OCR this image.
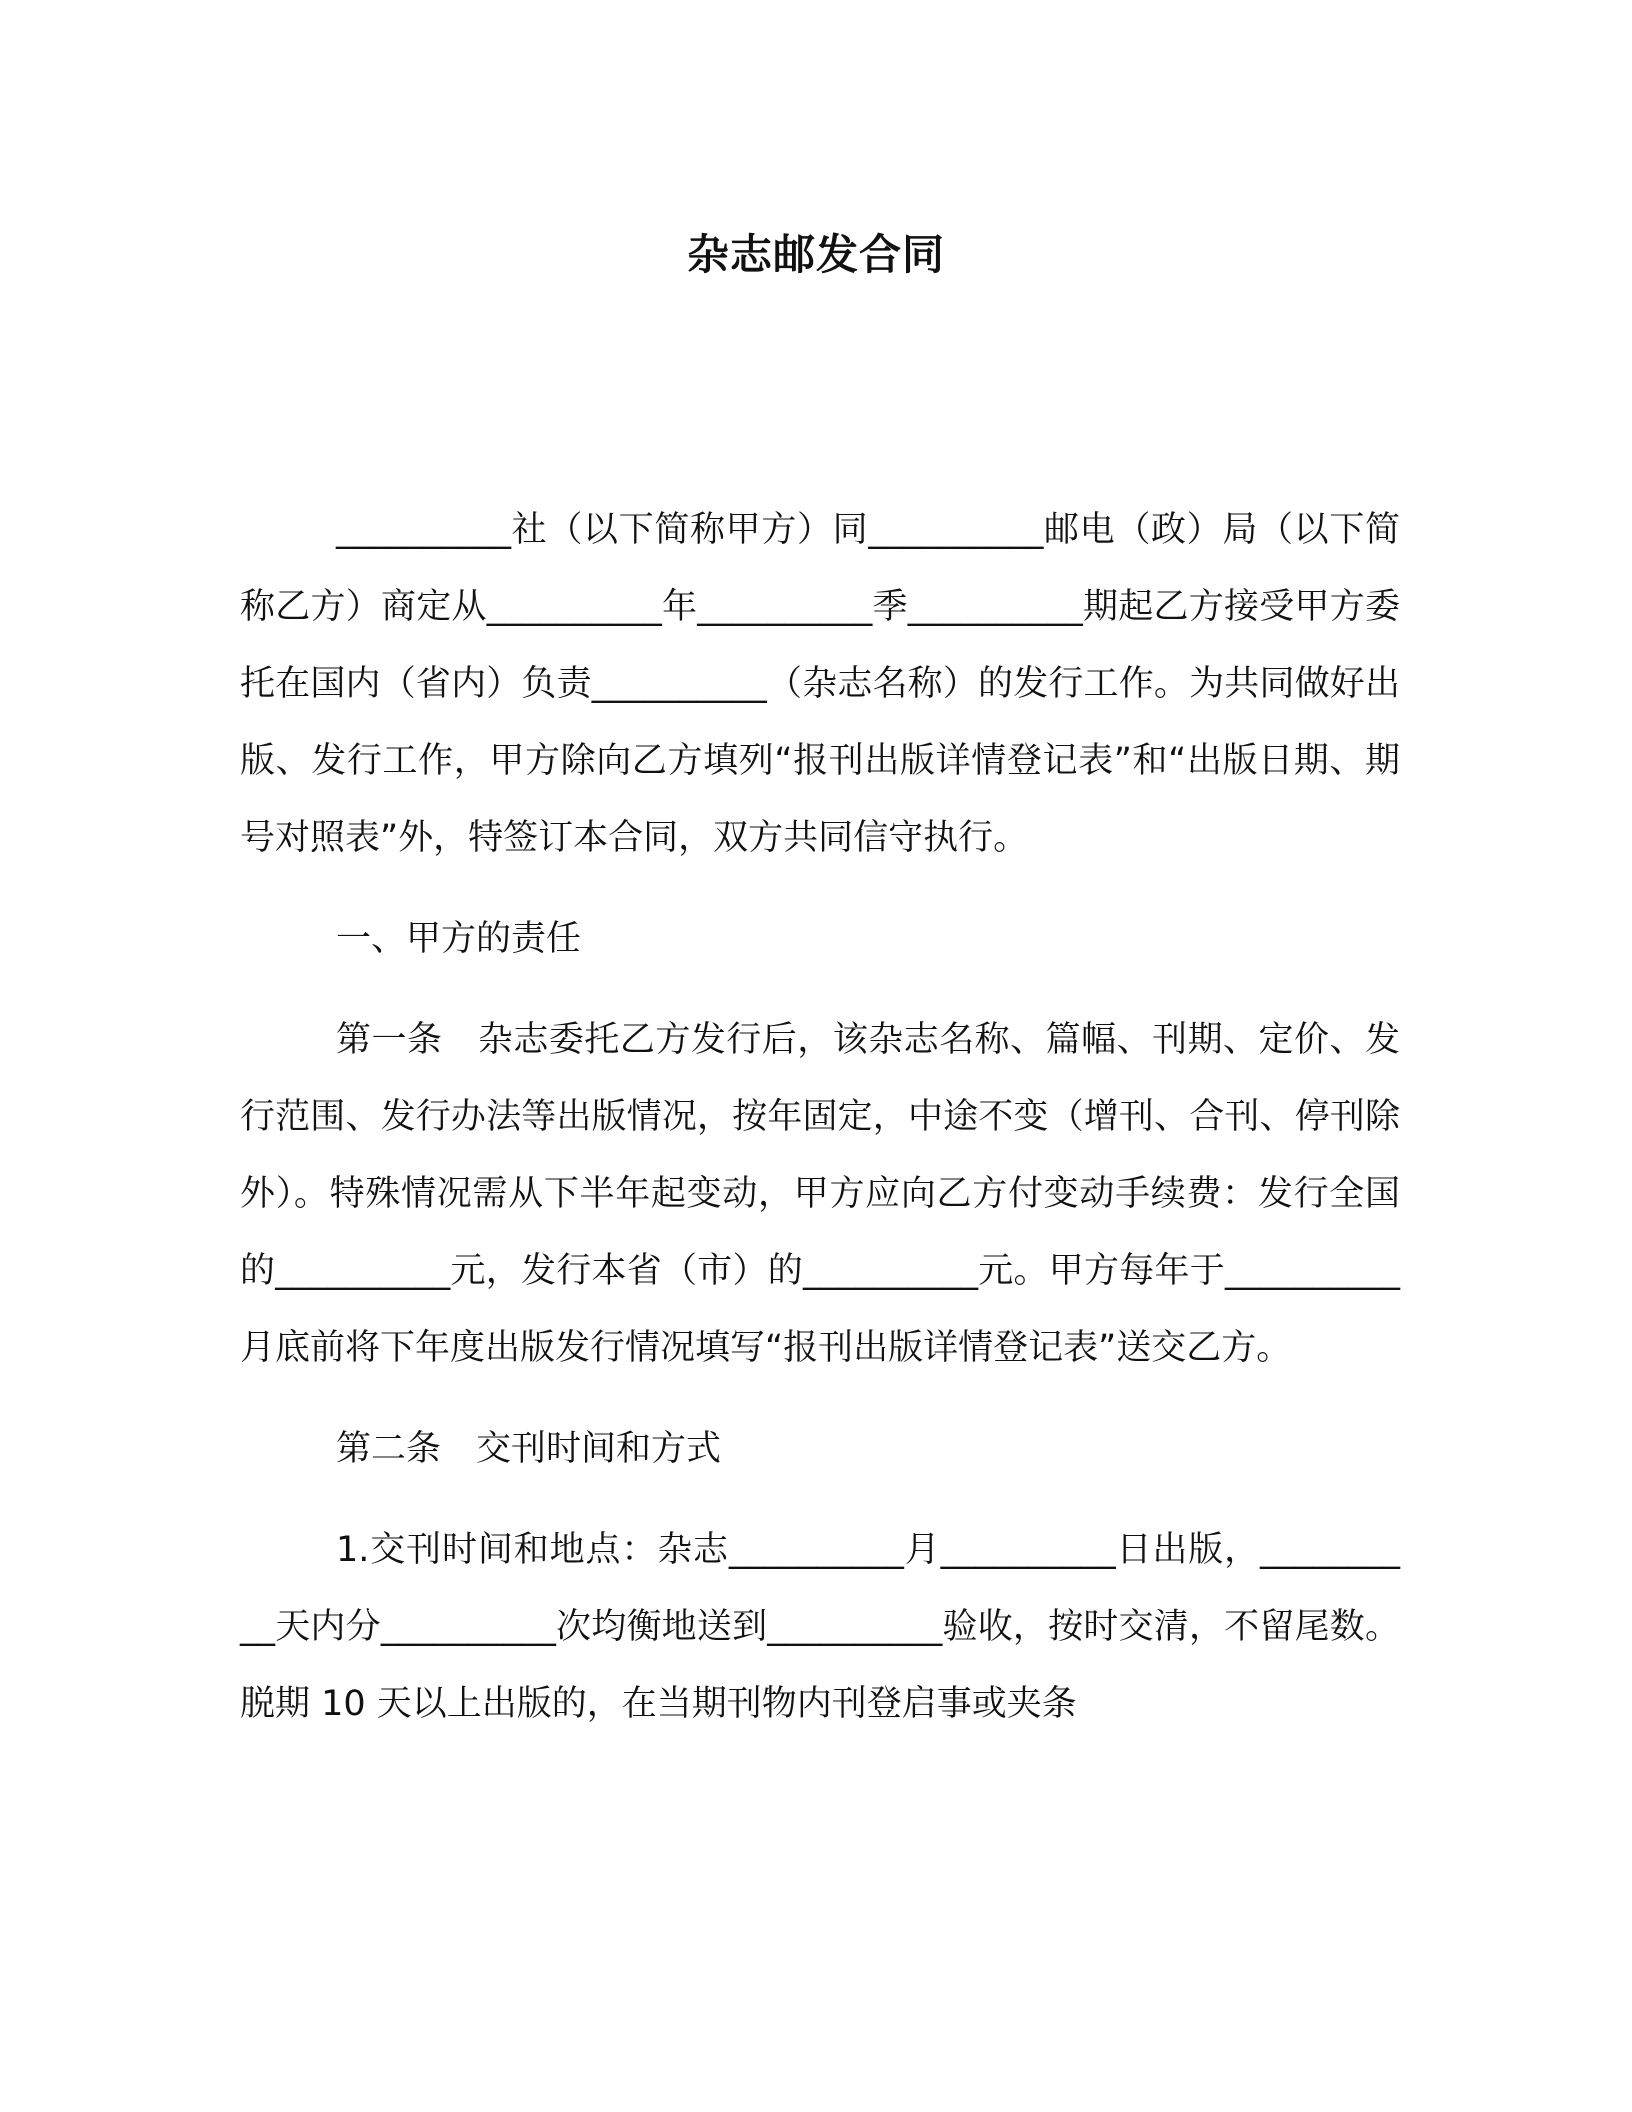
杂志邮发合同

__________社（以下简称甲方）同__________邮电（政）局（以下简称乙方）商定从__________年__________季__________期起乙方接受甲方委托在国内（省内）负责__________（杂志名称）的发行工作。为共同做好出版、发行工作，甲方除向乙方填列“报刊出版详情登记表”和“出版日期、期号对照表”外，特签订本合同，双方共同信守执行。

一、甲方的责任

第一条　杂志委托乙方发行后，该杂志名称、篇幅、刊期、定价、发行范围、发行办法等出版情况，按年固定，中途不变（增刊、合刊、停刊除外）。特殊情况需从下半年起变动，甲方应向乙方付变动手续费：发行全国的__________元，发行本省（市）的__________元。甲方每年于__________月底前将下年度出版发行情况填写“报刊出版详情登记表”送交乙方。

第二条　交刊时间和方式

1.交刊时间和地点：杂志__________月__________日出版，__________天内分__________次均衡地送到__________验收，按时交清，不留尾数。脱期 10 天以上出版的，在当期刊物内刊登启事或夹条
